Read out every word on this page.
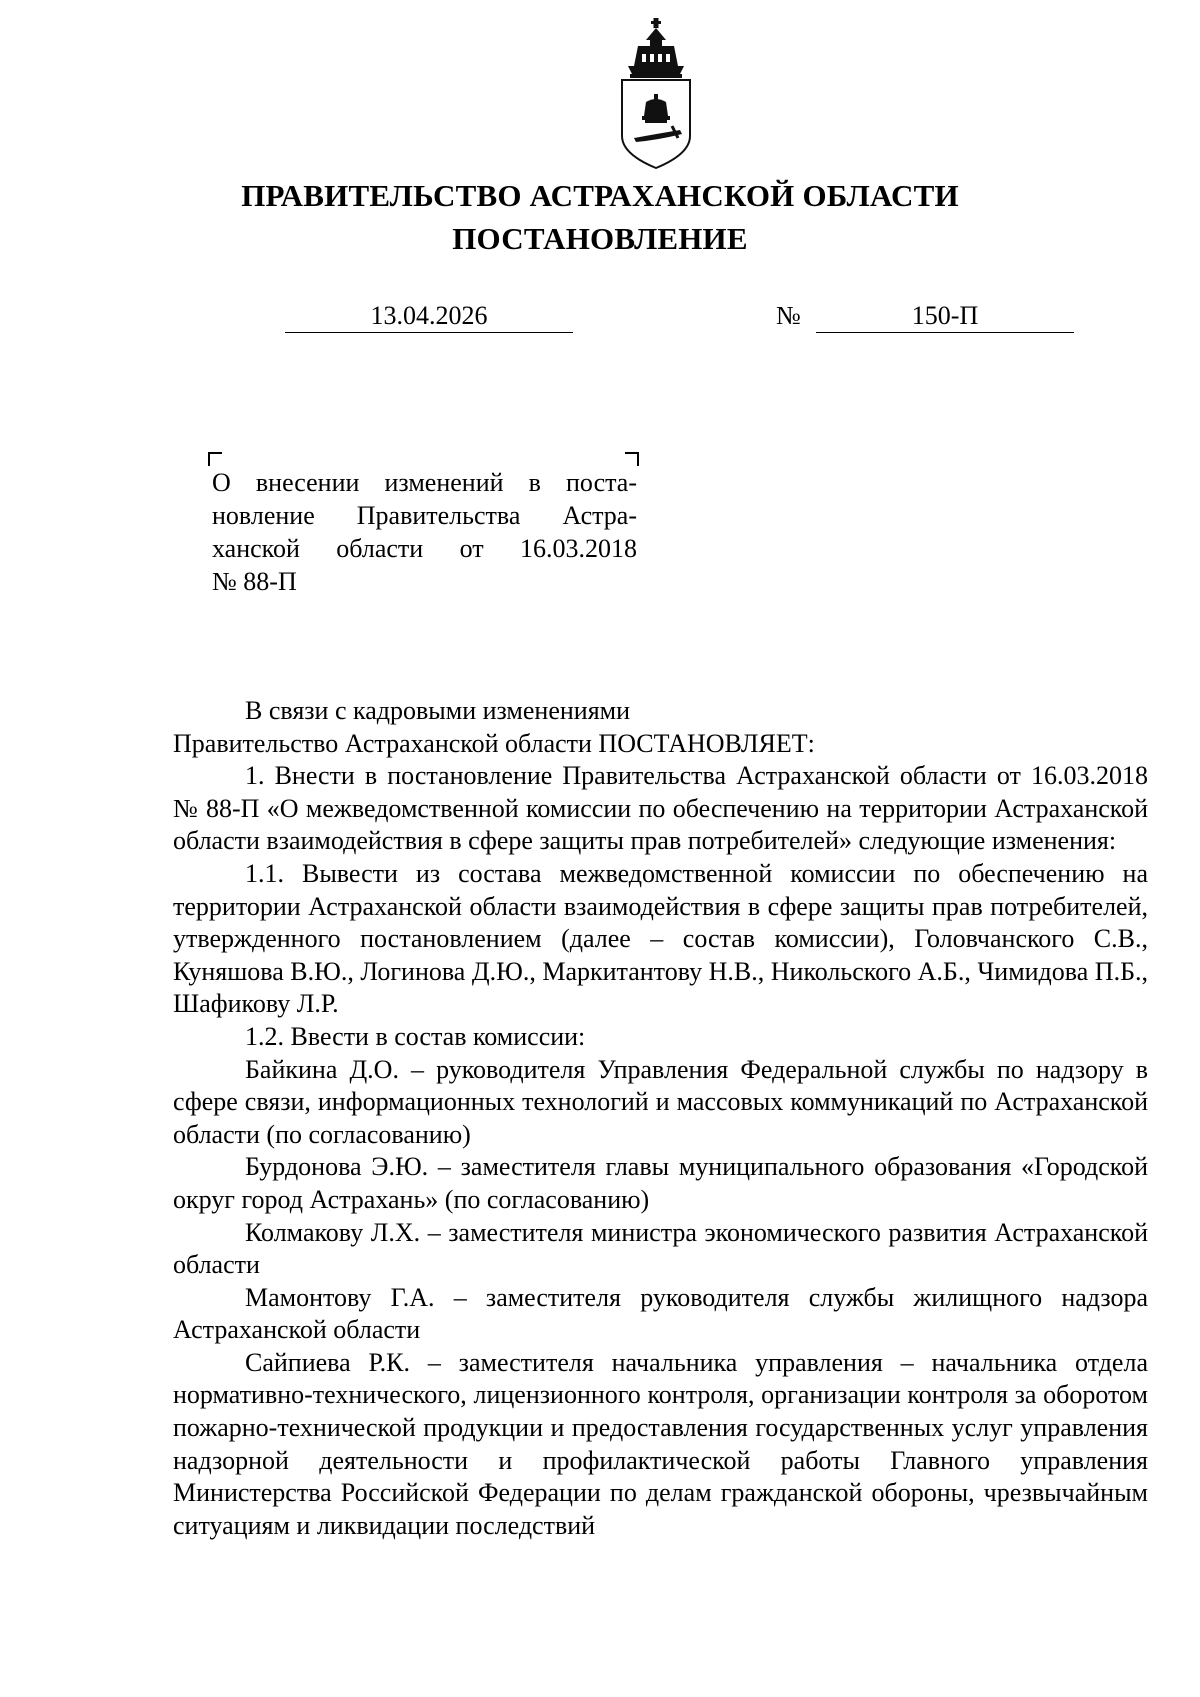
ПРАВИТЕЛЬСТВО АСТРАХАНСКОЙ ОБЛАСТИ
ПОСТАНОВЛЕНИЕ
13.04.2026	№	150-П
О внесении изменений в поста-
новление Правительства Астра-
ханской области от 16.03.2018
№ 88-П

В связи с кадровыми изменениями

Правительство Астраханской области ПОСТАНОВЛЯЕТ:

1. Внести в постановление Правительства Астраханской области от 16.03.2018 № 88-П «О межведомственной комиссии по обеспечению на территории Астраханской области взаимодействия в сфере защиты прав потребителей» следующие изменения:

1.1. Вывести из состава межведомственной комиссии по обеспечению на территории Астраханской области взаимодействия в сфере защиты прав потребителей, утвержденного постановлением (далее – состав комиссии), Головчанского С.В., Куняшова В.Ю., Логинова Д.Ю., Маркитантову Н.В., Никольского А.Б., Чимидова П.Б., Шафикову Л.Р.

1.2. Ввести в состав комиссии:

Байкина Д.О. – руководителя Управления Федеральной службы по надзору в сфере связи, информационных технологий и массовых коммуникаций по Астраханской области (по согласованию)

Бурдонова Э.Ю. – заместителя главы муниципального образования «Городской округ город Астрахань» (по согласованию)

Колмакову Л.Х. – заместителя министра экономического развития Астраханской области

Мамонтову Г.А. – заместителя руководителя службы жилищного надзора Астраханской области

Сайпиева Р.К. – заместителя начальника управления – начальника отдела нормативно-технического, лицензионного контроля, организации контроля за оборотом пожарно-технической продукции и предоставления государственных услуг управления надзорной деятельности и профилактической работы Главного управления Министерства Российской Федерации по делам гражданской обороны, чрезвычайным ситуациям и ликвидации последствий
